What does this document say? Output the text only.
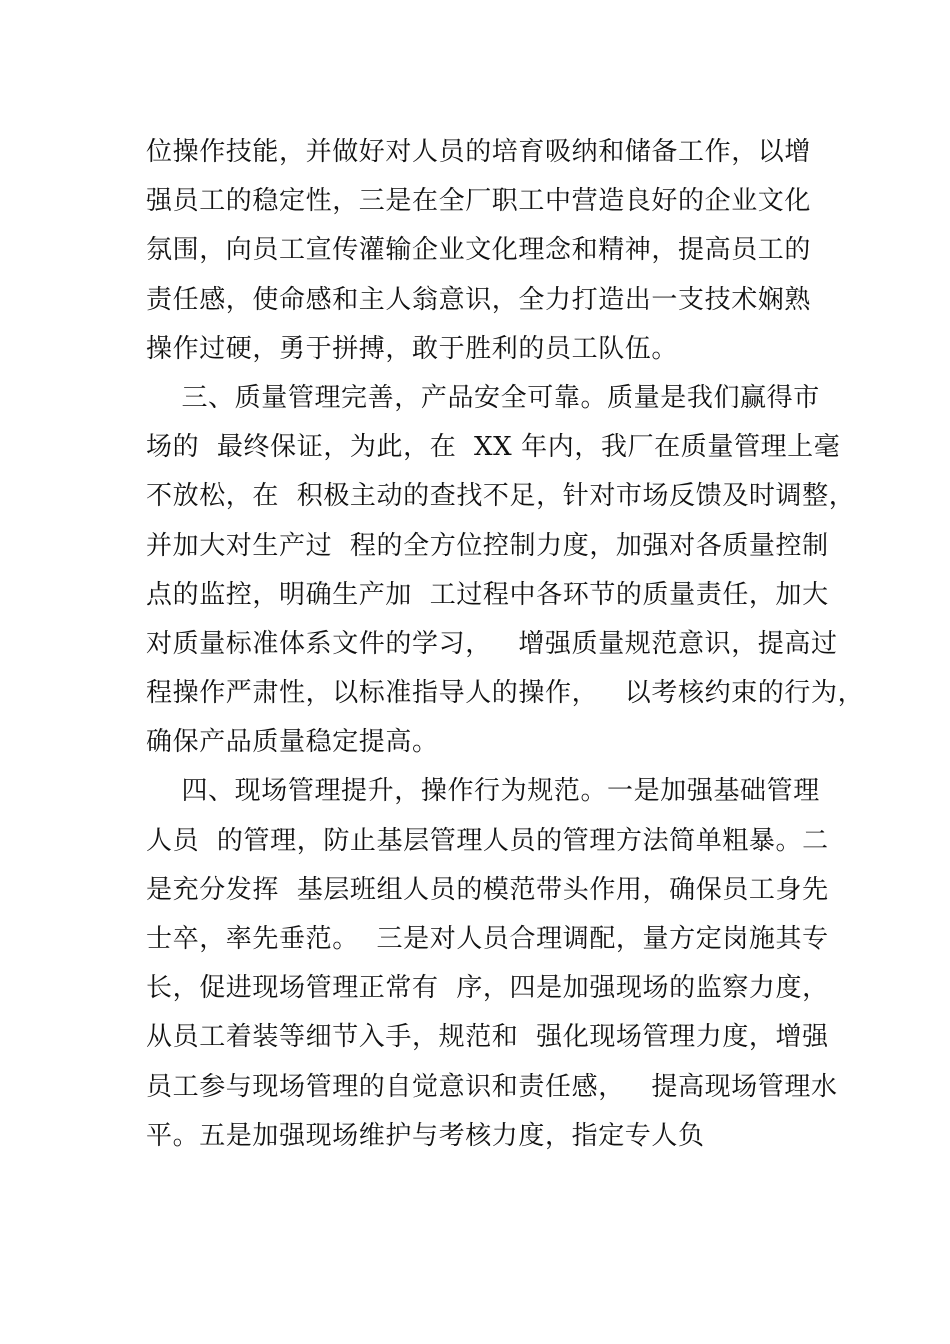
位操作技能，并做好对人员的培育吸纳和储备工作，以增
强员工的稳定性，三是在全厂职工中营造良好的企业文化
氛围，向员工宣传灌输企业文化理念和精神，提高员工的
责任感，使命感和主人翁意识，全力打造出一支技术娴熟
操作过硬，勇于拼搏，敢于胜利的员工队伍。
三、质量管理完善，产品安全可靠。质量是我们赢得市
场的  最终保证，为此，在  XX 年内，我厂在质量管理上毫
不放松，在  积极主动的查找不足，针对市场反馈及时调整，
并加大对生产过  程的全方位控制力度，加强对各质量控制
点的监控，明确生产加  工过程中各环节的质量责任，加大
对质量标准体系文件的学习，   增强质量规范意识，提高过
程操作严肃性，以标准指导人的操作，   以考核约束的行为，
确保产品质量稳定提高。
四、现场管理提升，操作行为规范。一是加强基础管理
人员  的管理，防止基层管理人员的管理方法简单粗暴。二
是充分发挥  基层班组人员的模范带头作用，确保员工身先
士卒，率先垂范。  三是对人员合理调配，量方定岗施其专
长，促进现场管理正常有  序，四是加强现场的监察力度，
从员工着装等细节入手，规范和  强化现场管理力度，增强
员工参与现场管理的自觉意识和责任感，   提高现场管理水
平。五是加强现场维护与考核力度，指定专人负
